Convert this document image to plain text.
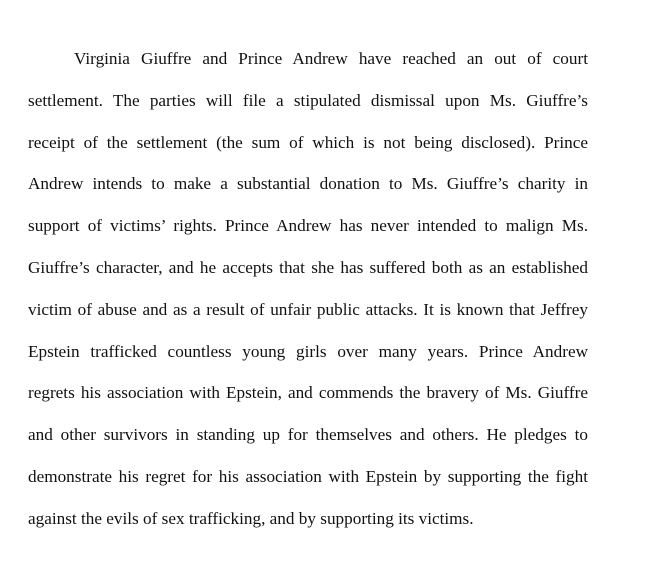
Virginia Giuffre and Prince Andrew have reached an out of court
settlement. The parties will file a stipulated dismissal upon Ms. Giuffre’s
receipt of the settlement (the sum of which is not being disclosed). Prince
Andrew intends to make a substantial donation to Ms. Giuffre’s charity in
support of victims’ rights. Prince Andrew has never intended to malign Ms.
Giuffre’s character, and he accepts that she has suffered both as an established
victim of abuse and as a result of unfair public attacks. It is known that Jeffrey
Epstein trafficked countless young girls over many years. Prince Andrew
regrets his association with Epstein, and commends the bravery of Ms. Giuffre
and other survivors in standing up for themselves and others. He pledges to
demonstrate his regret for his association with Epstein by supporting the fight
against the evils of sex trafficking, and by supporting its victims.
